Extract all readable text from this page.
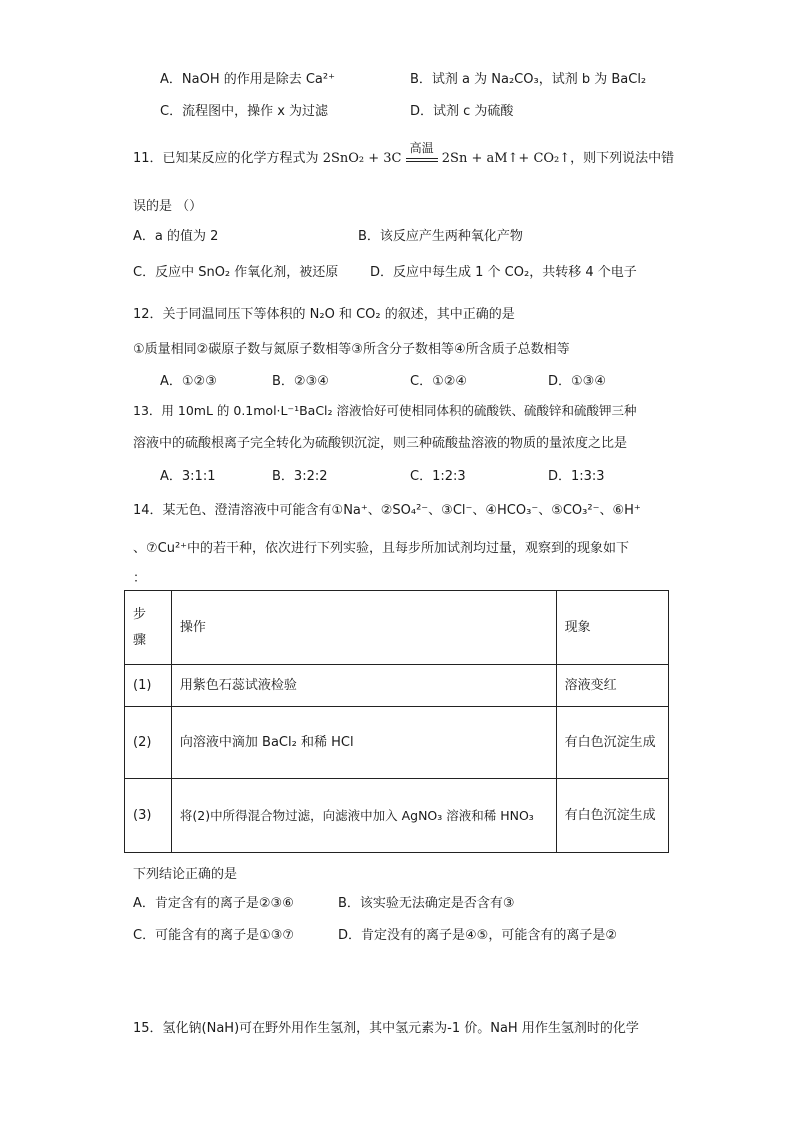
A．NaOH 的作用是除去 Ca²⁺	B．试剂 a 为 Na₂CO₃，试剂 b 为 BaCl₂
C．流程图中，操作 x 为过滤	D．试剂 c 为硫酸
11．已知某反应的化学方程式为 2SnO₂ + 3C
高温
2Sn + aM↑+ CO₂↑，则下列说法中错
误的是 （）
A．a 的值为 2	B．该反应产生两种氧化产物
C．反应中 SnO₂ 作氧化剂，被还原 D．反应中每生成 1 个 CO₂，共转移 4 个电子
12．关于同温同压下等体积的 N₂O 和 CO₂ 的叙述，其中正确的是
①质量相同②碳原子数与氮原子数相等③所含分子数相等④所含质子总数相等
A．①②③	B．②③④	C．①②④	D．①③④
13．用 10mL 的 0.1mol·L⁻¹BaCl₂ 溶液恰好可使相同体积的硫酸铁、硫酸锌和硫酸钾三种
溶液中的硫酸根离子完全转化为硫酸钡沉淀，则三种硫酸盐溶液的物质的量浓度之比是
A．3:1:1	B．3:2:2	C．1:2:3	D．1:3:3
14．某无色、澄清溶液中可能含有①Na⁺、②SO₄²⁻、③Cl⁻、④HCO₃⁻、⑤CO₃²⁻、⑥H⁺
、⑦Cu²⁺中的若干种，依次进行下列实验，且每步所加试剂均过量，观察到的现象如下
：
步骤	操作	现象
(1)	用紫色石蕊试液检验	溶液变红
(2)	向溶液中滴加 BaCl₂ 和稀 HCl	有白色沉淀生成
(3)	将(2)中所得混合物过滤，向滤液中加入 AgNO₃ 溶液和稀 HNO₃	有白色沉淀生成
下列结论正确的是
A．肯定含有的离子是②③⑥	B．该实验无法确定是否含有③
C．可能含有的离子是①③⑦	D．肯定没有的离子是④⑤，可能含有的离子是②
15．氢化钠(NaH)可在野外用作生氢剂，其中氢元素为-1 价。NaH 用作生氢剂时的化学
